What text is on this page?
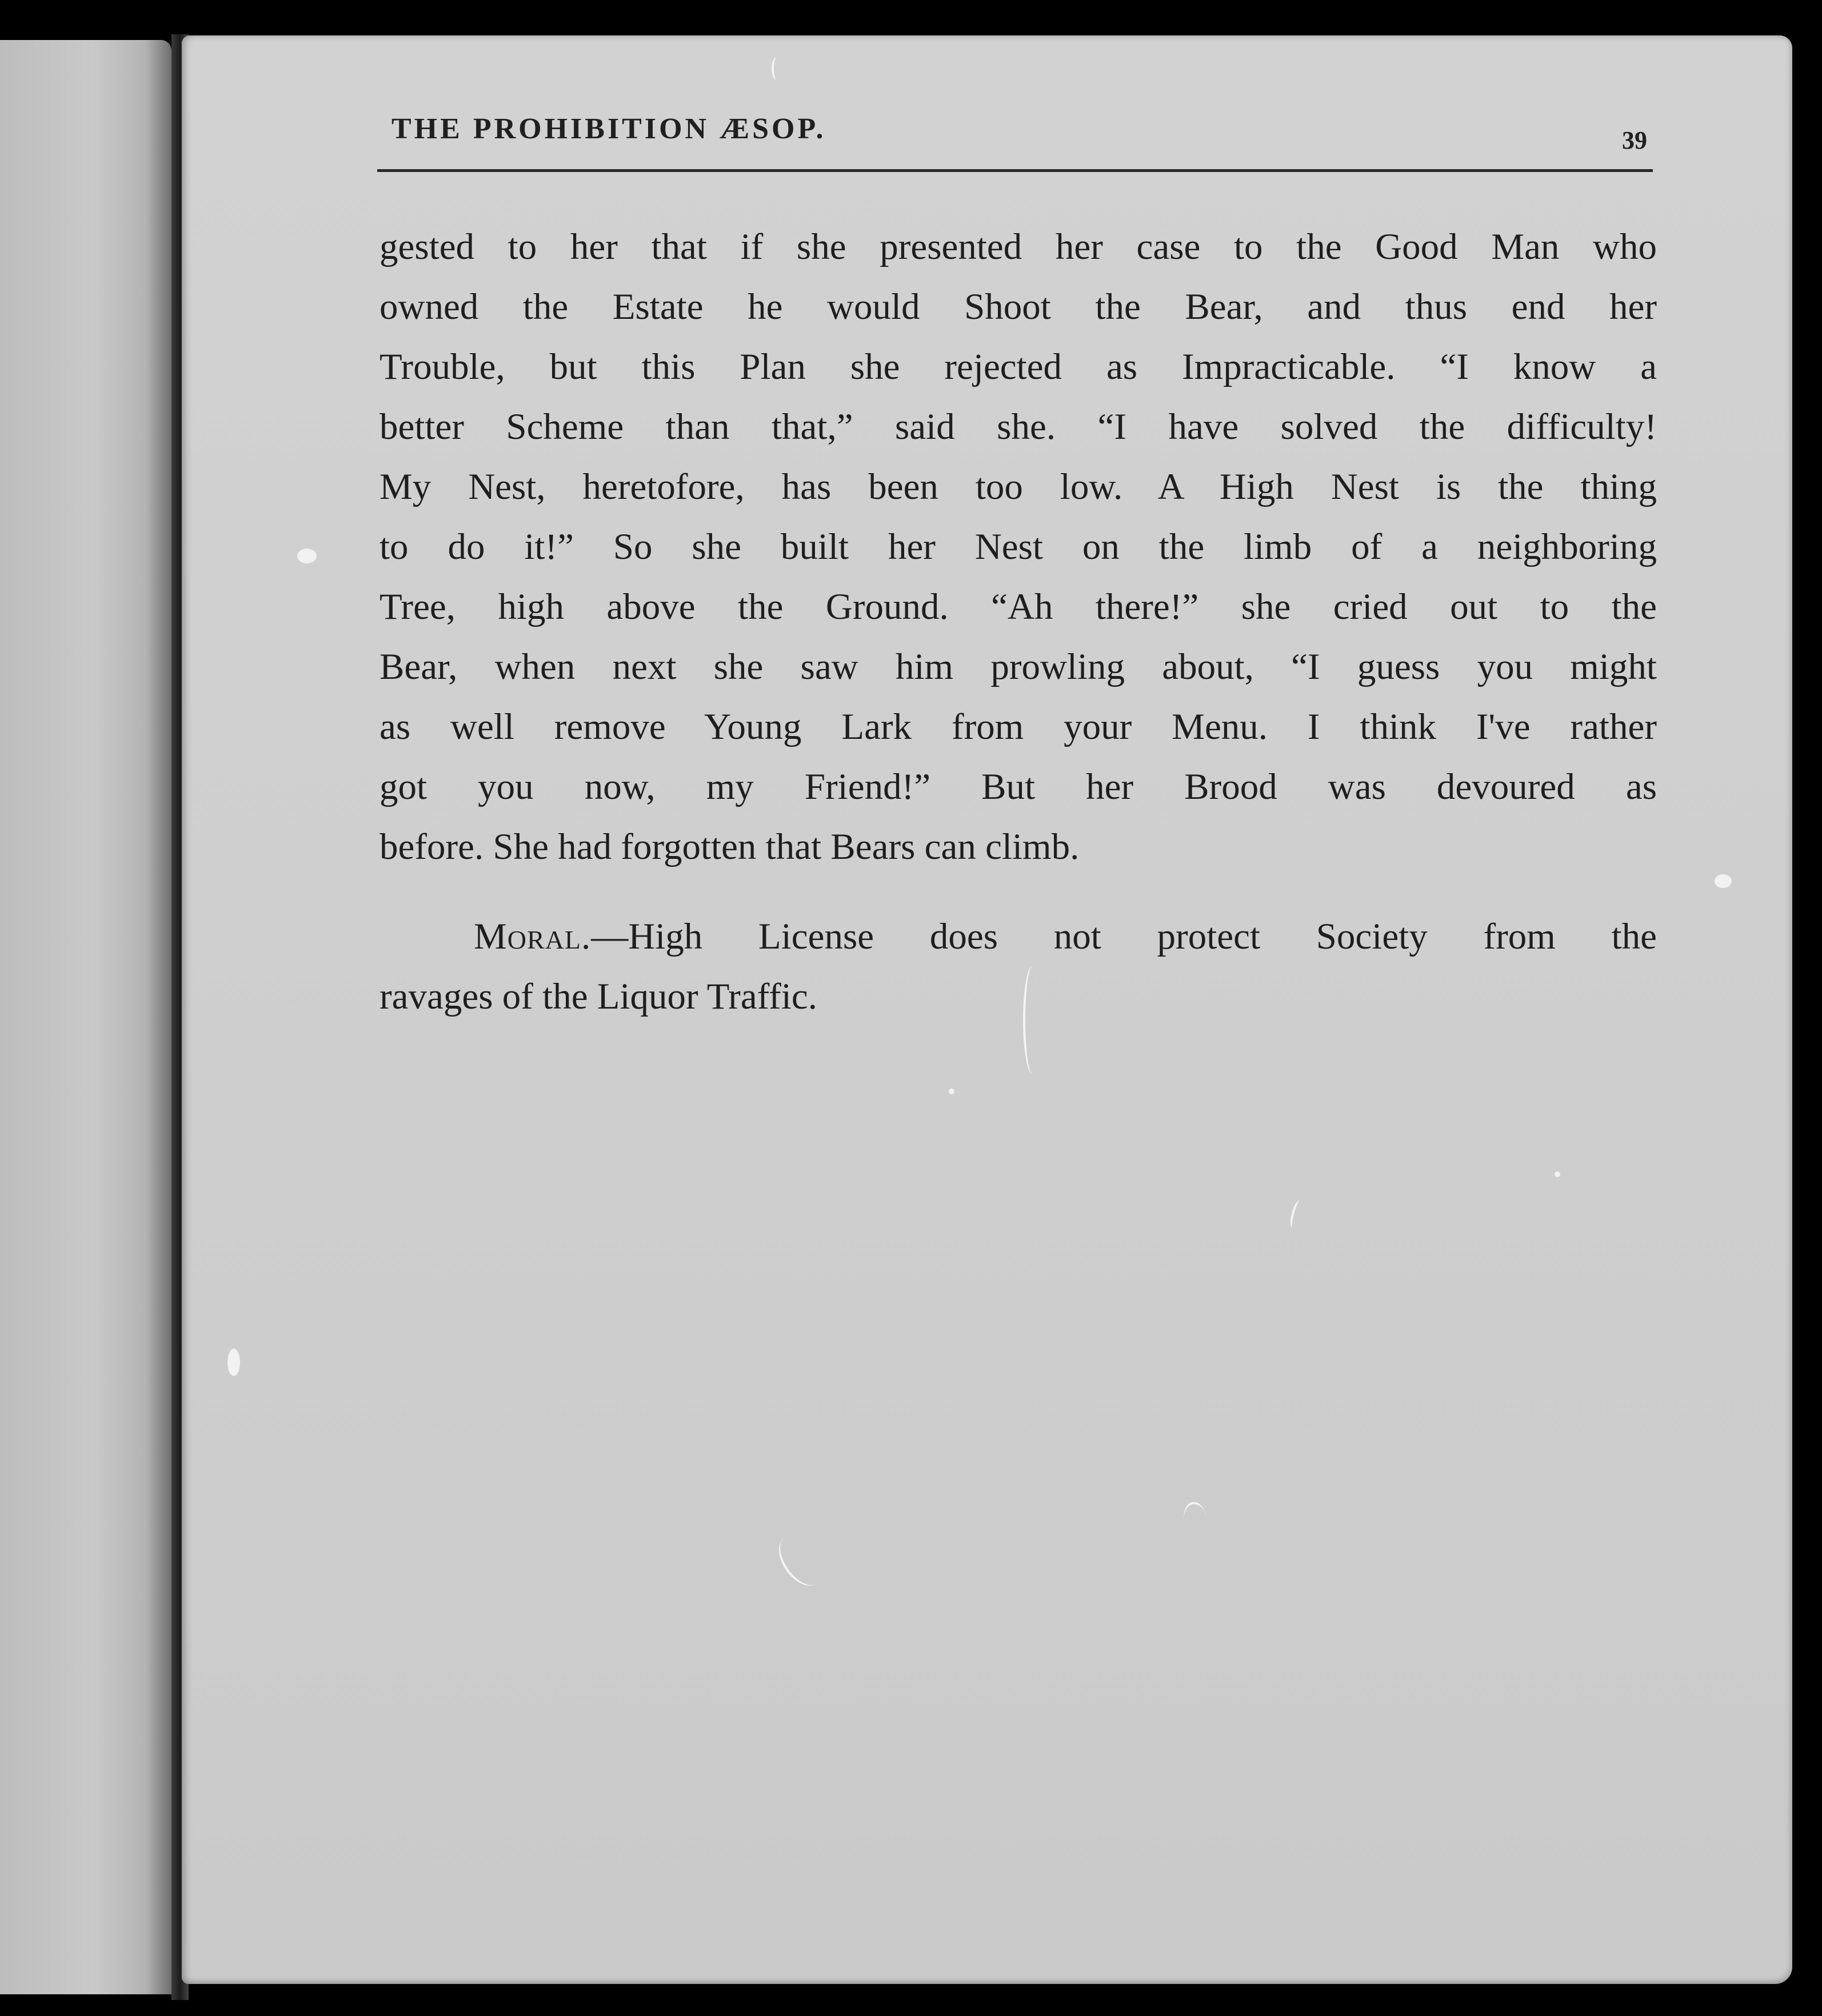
THE PROHIBITION ÆSOP.	39
gested to her that if she presented her case to the Good Man who
owned the Estate he would Shoot the Bear, and thus end her
Trouble, but this Plan she rejected as Impracticable. “I know a
better Scheme than that,” said she. “I have solved the difficulty!
My Nest, heretofore, has been too low. A High Nest is the thing
to do it!” So she built her Nest on the limb of a neighboring
Tree, high above the Ground. “Ah there!” she cried out to the
Bear, when next she saw him prowling about, “I guess you might
as well remove Young Lark from your Menu. I think I've rather
got you now, my Friend!” But her Brood was devoured as
before. She had forgotten that Bears can climb.
Moral.—High License does not protect Society from the
ravages of the Liquor Traffic.
